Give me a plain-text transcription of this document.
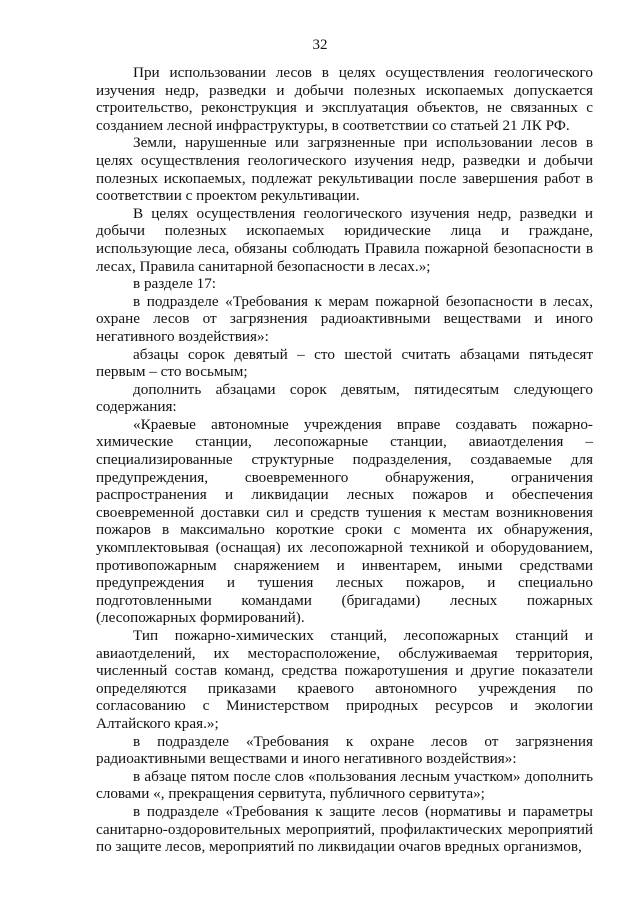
32

При использовании лесов в целях осуществления геологического изучения недр, разведки и добычи полезных ископаемых допускается строительство, реконструкция и эксплуатация объектов, не связанных с созданием лесной инфраструктуры, в соответствии со статьей 21 ЛК РФ.

Земли, нарушенные или загрязненные при использовании лесов в целях осуществления геологического изучения недр, разведки и добычи полезных ископаемых, подлежат рекультивации после завершения работ в соответствии с проектом рекультивации.

В целях осуществления геологического изучения недр, разведки и добычи полезных ископаемых юридические лица и граждане, использующие леса, обязаны соблюдать Правила пожарной безопасности в лесах, Правила санитарной безопасности в лесах.»;

в разделе 17:

в подразделе «Требования к мерам пожарной безопасности в лесах, охране лесов от загрязнения радиоактивными веществами и иного негативного воздействия»:

абзацы сорок девятый – сто шестой считать абзацами пятьдесят первым – сто восьмым;

дополнить абзацами сорок девятым, пятидесятым следующего содержания:

«Краевые автономные учреждения вправе создавать пожарно-химические станции, лесопожарные станции, авиаотделения – специализированные структурные подразделения, создаваемые для предупреждения, своевременного обнаружения, ограничения распространения и ликвидации лесных пожаров и обеспечения своевременной доставки сил и средств тушения к местам возникновения пожаров в максимально короткие сроки с момента их обнаружения, укомплектовывая (оснащая) их лесопожарной техникой и оборудованием, противопожарным снаряжением и инвентарем, иными средствами предупреждения и тушения лесных пожаров, и специально подготовленными командами (бригадами) лесных пожарных (лесопожарных формирований).

Тип пожарно-химических станций, лесопожарных станций и авиаотделений, их месторасположение, обслуживаемая территория, численный состав команд, средства пожаротушения и другие показатели определяются приказами краевого автономного учреждения по согласованию с Министерством природных ресурсов и экологии Алтайского края.»;

в подразделе «Требования к охране лесов от загрязнения радиоактивными веществами и иного негативного воздействия»:

в абзаце пятом после слов «пользования лесным участком» дополнить словами «, прекращения сервитута, публичного сервитута»;

в подразделе «Требования к защите лесов (нормативы и параметры санитарно-оздоровительных мероприятий, профилактических мероприятий по защите лесов, мероприятий по ликвидации очагов вредных организмов,
